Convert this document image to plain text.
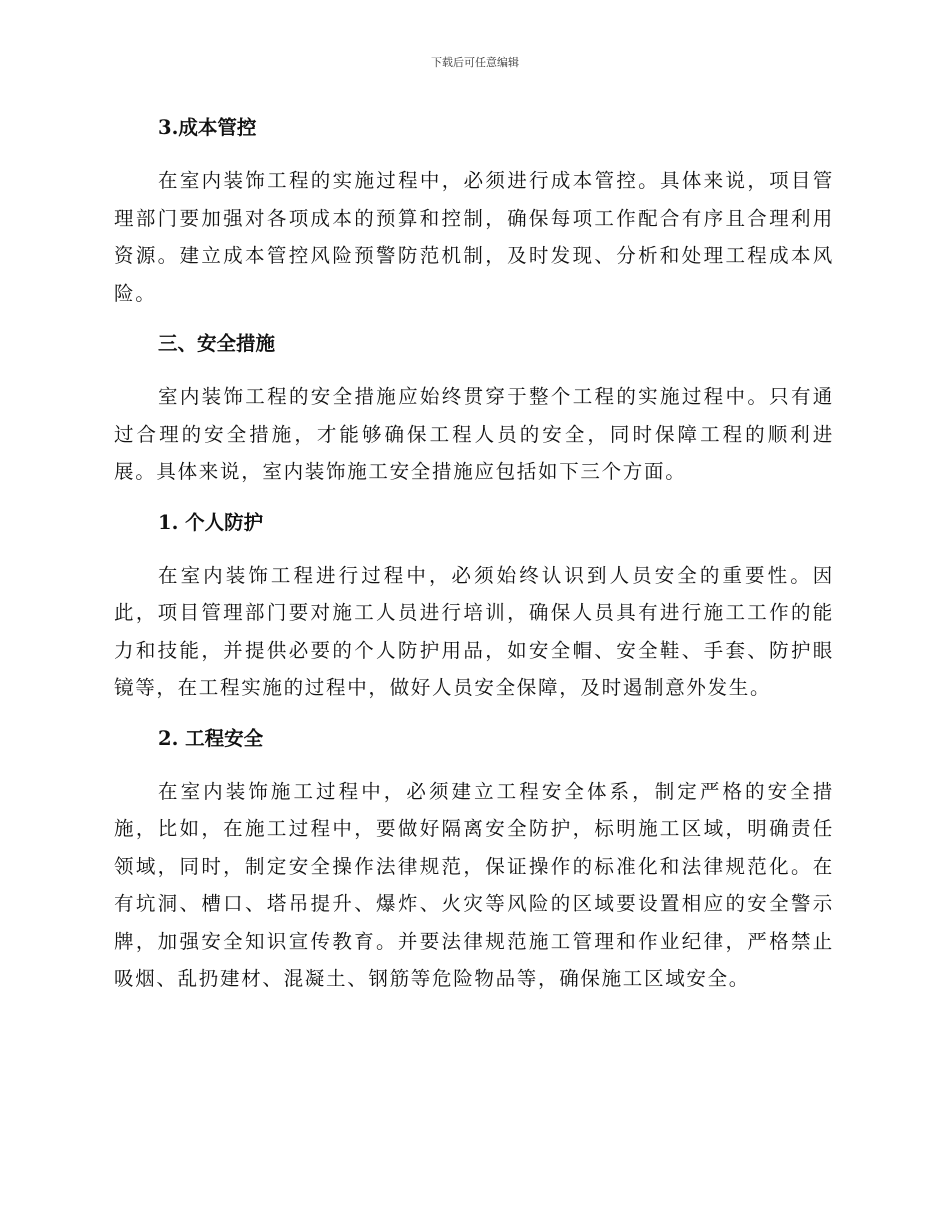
下载后可任意编辑
3.成本管控

在室内装饰工程的实施过程中，必须进行成本管控。具体来说，项目管理部门要加强对各项成本的预算和控制，确保每项工作配合有序且合理利用资源。建立成本管控风险预警防范机制，及时发现、分析和处理工程成本风险。

三、安全措施

室内装饰工程的安全措施应始终贯穿于整个工程的实施过程中。只有通过合理的安全措施，才能够确保工程人员的安全，同时保障工程的顺利进展。具体来说，室内装饰施工安全措施应包括如下三个方面。

1. 个人防护

在室内装饰工程进行过程中，必须始终认识到人员安全的重要性。因此，项目管理部门要对施工人员进行培训，确保人员具有进行施工工作的能力和技能，并提供必要的个人防护用品，如安全帽、安全鞋、手套、防护眼镜等，在工程实施的过程中，做好人员安全保障，及时遏制意外发生。

2. 工程安全

在室内装饰施工过程中，必须建立工程安全体系，制定严格的安全措施，比如，在施工过程中，要做好隔离安全防护，标明施工区域，明确责任领域，同时，制定安全操作法律规范，保证操作的标准化和法律规范化。在有坑洞、槽口、塔吊提升、爆炸、火灾等风险的区域要设置相应的安全警示牌，加强安全知识宣传教育。并要法律规范施工管理和作业纪律，严格禁止吸烟、乱扔建材、混凝土、钢筋等危险物品等，确保施工区域安全。
